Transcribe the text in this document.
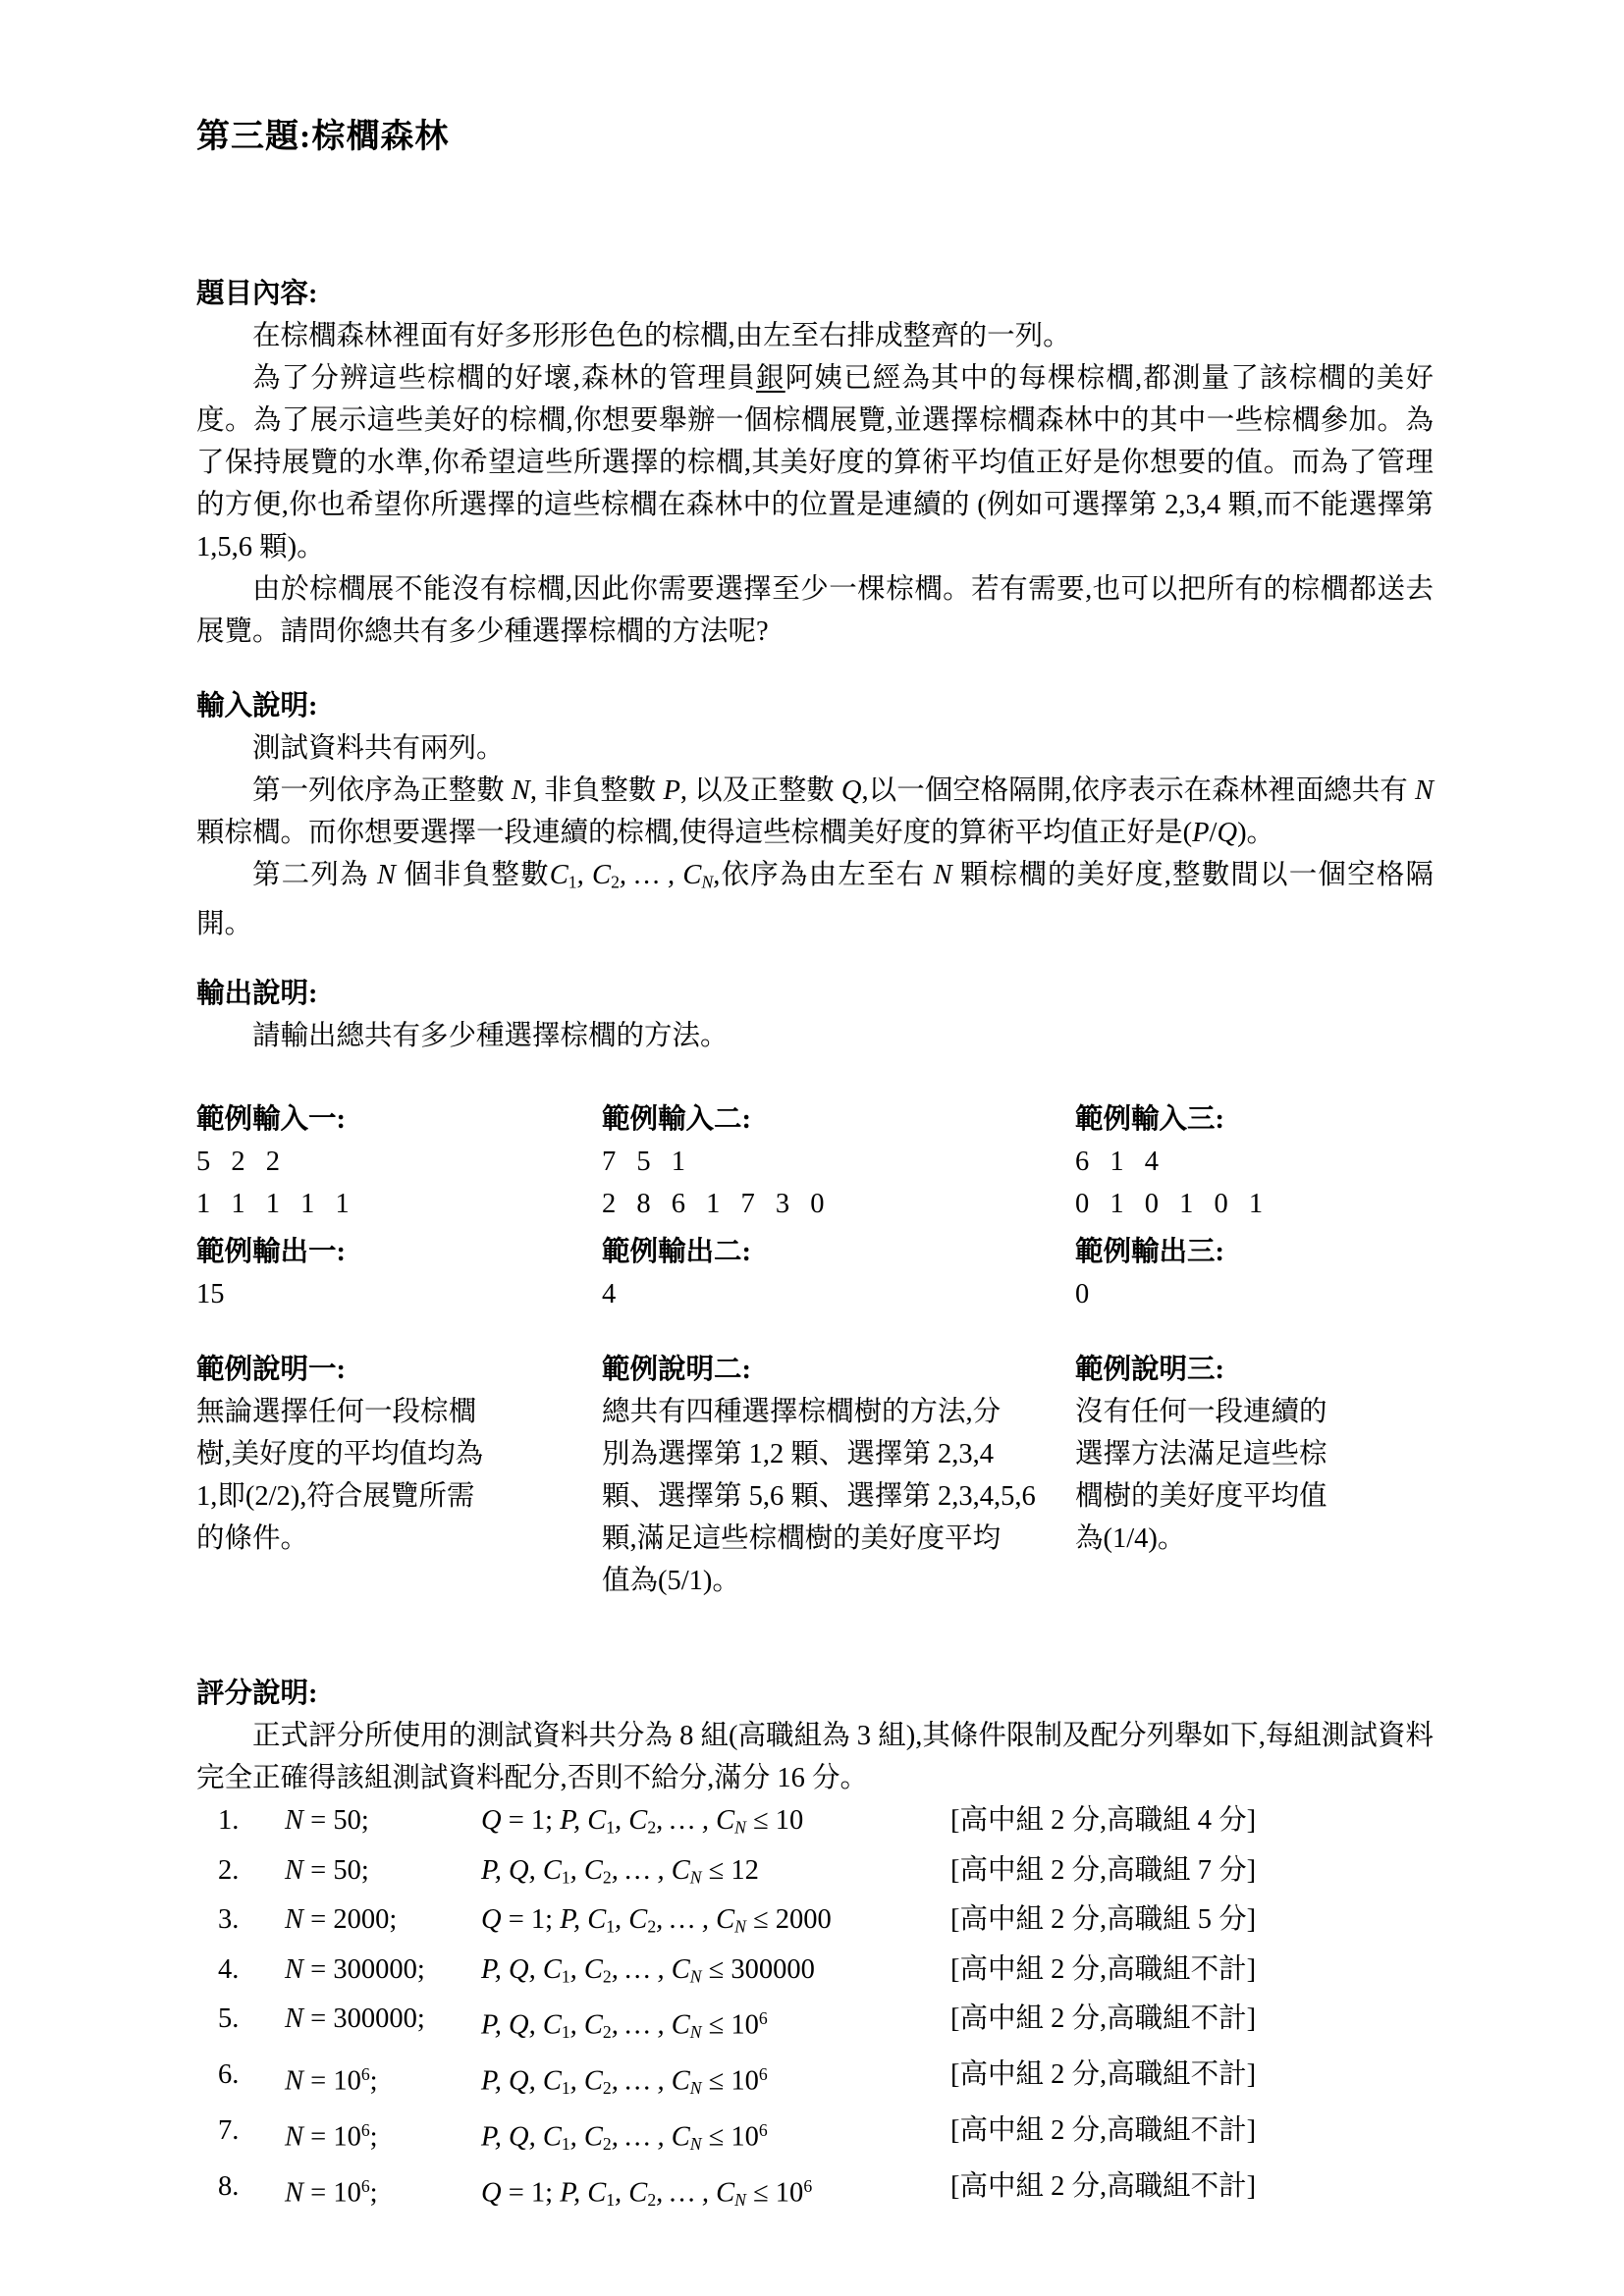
第三題:棕櫚森林
題目內容:

在棕櫚森林裡面有好多形形色色的棕櫚,由左至右排成整齊的一列。

為了分辨這些棕櫚的好壞,森林的管理員銀阿姨已經為其中的每棵棕櫚,都測量了該棕櫚的美好度。為了展示這些美好的棕櫚,你想要舉辦一個棕櫚展覽,並選擇棕櫚森林中的其中一些棕櫚參加。為了保持展覽的水準,你希望這些所選擇的棕櫚,其美好度的算術平均值正好是你想要的值。而為了管理的方便,你也希望你所選擇的這些棕櫚在森林中的位置是連續的 (例如可選擇第 2,3,4 顆,而不能選擇第 1,5,6 顆)。

由於棕櫚展不能沒有棕櫚,因此你需要選擇至少一棵棕櫚。若有需要,也可以把所有的棕櫚都送去展覽。請問你總共有多少種選擇棕櫚的方法呢?

輸入說明:

測試資料共有兩列。

第一列依序為正整數 N, 非負整數 P, 以及正整數 Q,以一個空格隔開,依序表示在森林裡面總共有 N 顆棕櫚。而你想要選擇一段連續的棕櫚,使得這些棕櫚美好度的算術平均值正好是(P/Q)。

第二列為 N 個非負整數$C_1$, $C_2$, … , $C_N$,依序為由左至右 N 顆棕櫚的美好度,整數間以一個空格隔開。

輸出說明:

請輸出總共有多少種選擇棕櫚的方法。

範例輸入一:
5 2 2
1 1 1 1 1
範例輸出一:
15
範例說明一:
無論選擇任何一段棕櫚
樹,美好度的平均值均為
1,即(2/2),符合展覽所需
的條件。
範例輸入二:
7 5 1
2 8 6 1 7 3 0
範例輸出二:
4
範例說明二:
總共有四種選擇棕櫚樹的方法,分
別為選擇第 1,2 顆、選擇第 2,3,4
顆、選擇第 5,6 顆、選擇第 2,3,4,5,6
顆,滿足這些棕櫚樹的美好度平均
值為(5/1)。
範例輸入三:
6 1 4
0 1 0 1 0 1
範例輸出三:
0
範例說明三:
沒有任何一段連續的
選擇方法滿足這些棕
櫚樹的美好度平均值
為(1/4)。
評分說明:

正式評分所使用的測試資料共分為 8 組(高職組為 3 組),其條件限制及配分列舉如下,每組測試資料完全正確得該組測試資料配分,否則不給分,滿分 16 分。

1.	N = 50;	Q = 1; P, $C_1$, $C_2$, … , $C_N \le 10$	[高中組 2 分,高職組 4 分]
2.	N = 50;	P, Q, $C_1$, $C_2$, … , $C_N \le 12$	[高中組 2 分,高職組 7 分]
3.	N = 2000;	Q = 1; P, $C_1$, $C_2$, … , $C_N \le 2000$	[高中組 2 分,高職組 5 分]
4.	N = 300000;	P, Q, $C_1$, $C_2$, … , $C_N \le 300000$	[高中組 2 分,高職組不計]
5.	N = 300000;	P, Q, $C_1$, $C_2$, … , $C_N \le 10^6$	[高中組 2 分,高職組不計]
6.	$N = 10^6$;	P, Q, $C_1$, $C_2$, … , $C_N \le 10^6$	[高中組 2 分,高職組不計]
7.	$N = 10^6$;	P, Q, $C_1$, $C_2$, … , $C_N \le 10^6$	[高中組 2 分,高職組不計]
8.	$N = 10^6$;	Q = 1; P, $C_1$, $C_2$, … , $C_N \le 10^6$	[高中組 2 分,高職組不計]
